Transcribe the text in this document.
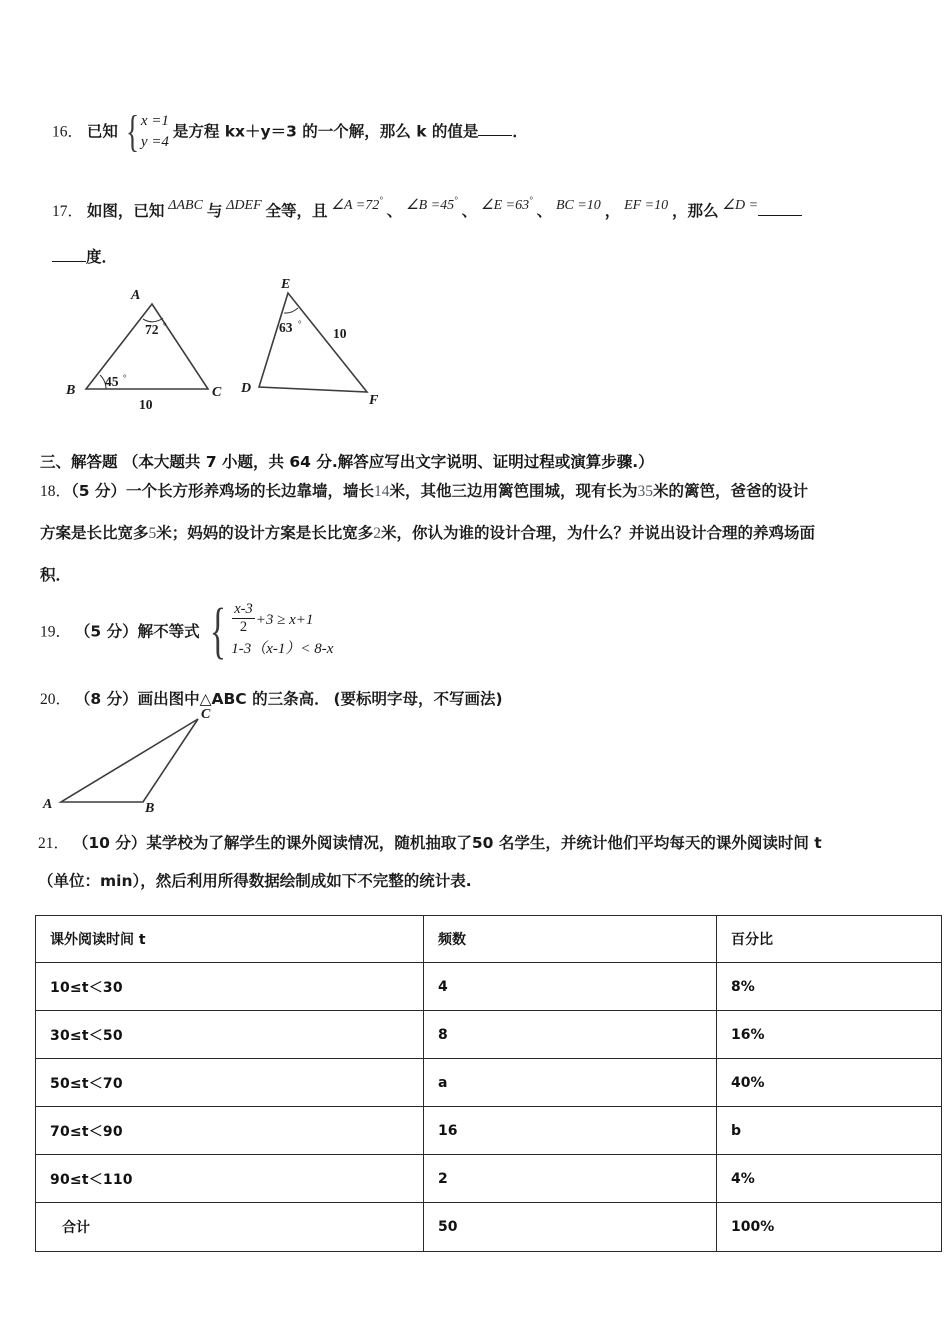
16． 已知 { x =1
y =4
是方程 kx＋y＝3 的一个解，那么 k 的值是 ．
17． 如图，已知 ΔABC 与 ΔDEF 全等，且 ∠A =72° 、 ∠B =45° 、 ∠E =63° 、 BC =10 ， EF =10 ，那么 ∠D =
度．
A
B	C
72 °
45 °
10
E
D
F
63 °
10
三、解答题 （本大题共 7 小题，共 64 分.解答应写出文字说明、证明过程或演算步骤.）
18．（5 分）一个长方形养鸡场的长边靠墙，墙长14米，其他三边用篱笆围城，现有长为35米的篱笆，爸爸的设计
方案是长比宽多5米；妈妈的设计方案是长比宽多2米，你认为谁的设计合理，为什么？并说出设计合理的养鸡场面
积．
19． （5 分）解不等式 { $\frac{x-3}{2} +3 \ge x+1$
1-3（x-1）< 8-x
20． （8 分）画出图中△ABC 的三条高． (要标明字母，不写画法)
A	B
C
21． （10 分）某学校为了解学生的课外阅读情况，随机抽取了50 名学生，并统计他们平均每天的课外阅读时间 t
（单位：min），然后利用所得数据绘制成如下不完整的统计表.
课外阅读时间 t	频数	百分比
10≤t＜30	4	8%
30≤t＜50	8	16%
50≤t＜70	a	40%
70≤t＜90	16	b
90≤t＜110	2	4%
合计	50	100%
